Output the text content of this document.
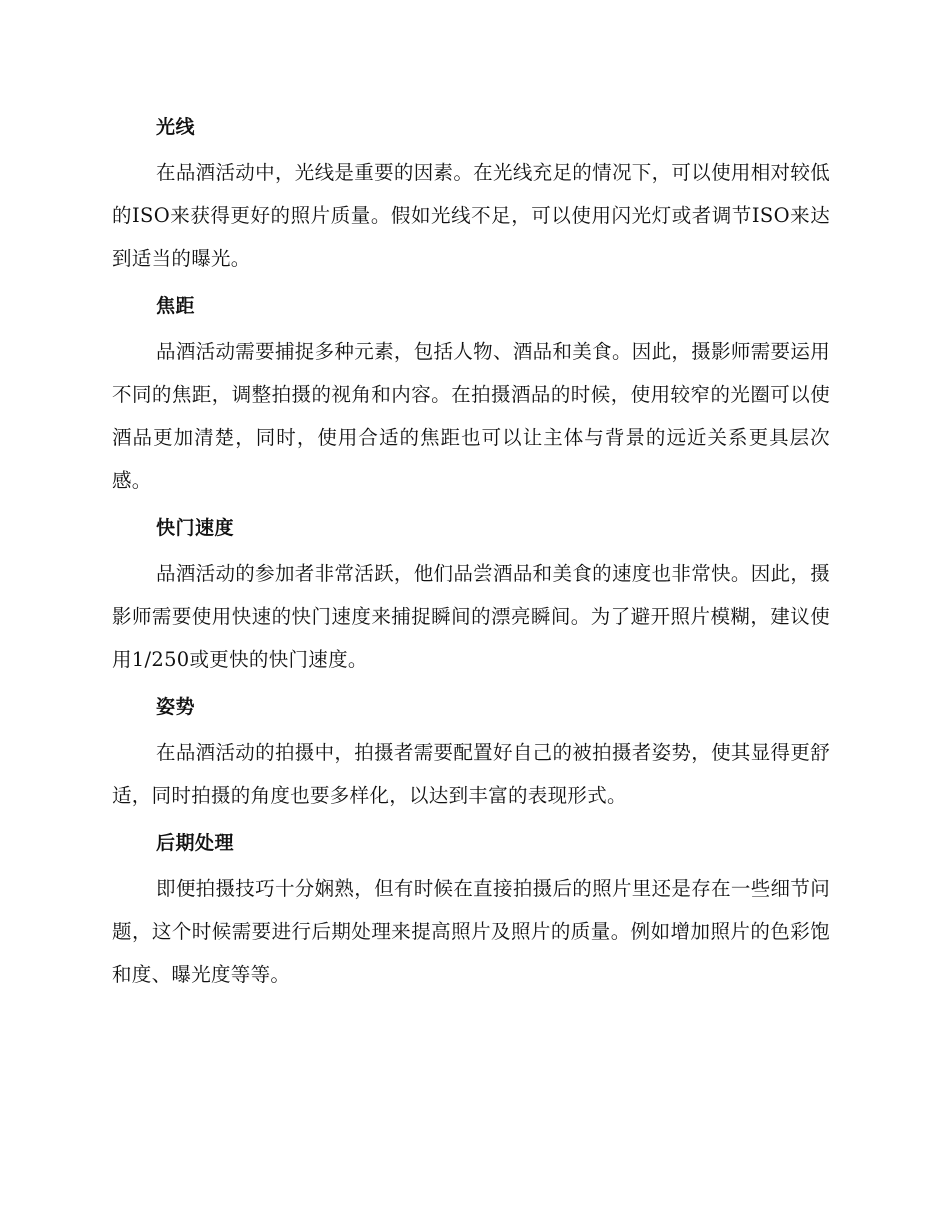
光线

在品酒活动中，光线是重要的因素。在光线充足的情况下，可以使用相对较低的ISO来获得更好的照片质量。假如光线不足，可以使用闪光灯或者调节ISO来达到适当的曝光。

焦距

品酒活动需要捕捉多种元素，包括人物、酒品和美食。因此，摄影师需要运用不同的焦距，调整拍摄的视角和内容。在拍摄酒品的时候，使用较窄的光圈可以使酒品更加清楚，同时，使用合适的焦距也可以让主体与背景的远近关系更具层次感。

快门速度

品酒活动的参加者非常活跃，他们品尝酒品和美食的速度也非常快。因此，摄影师需要使用快速的快门速度来捕捉瞬间的漂亮瞬间。为了避开照片模糊，建议使用1/250或更快的快门速度。

姿势

在品酒活动的拍摄中，拍摄者需要配置好自己的被拍摄者姿势，使其显得更舒适，同时拍摄的角度也要多样化，以达到丰富的表现形式。

后期处理

即便拍摄技巧十分娴熟，但有时候在直接拍摄后的照片里还是存在一些细节问题，这个时候需要进行后期处理来提高照片及照片的质量。例如增加照片的色彩饱和度、曝光度等等。
